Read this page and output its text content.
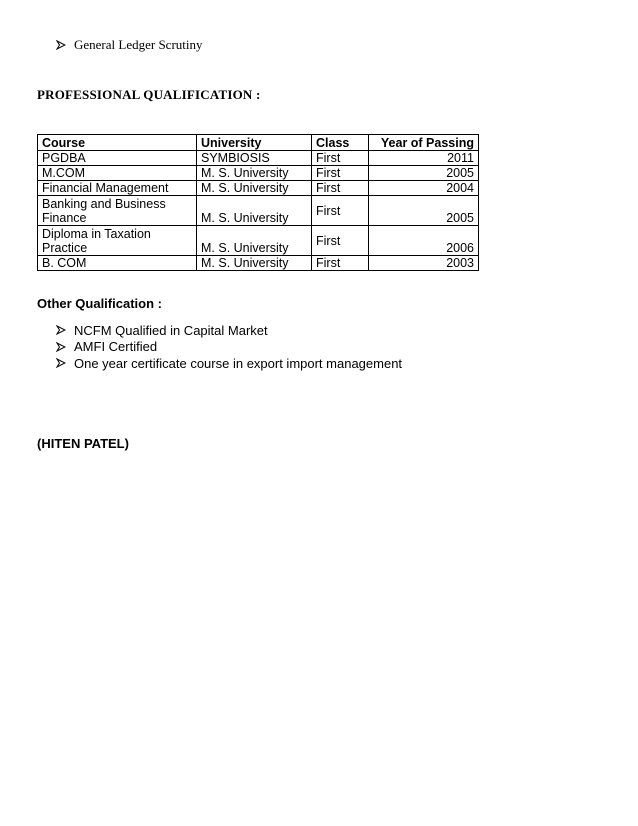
General Ledger Scrutiny
PROFESSIONAL QUALIFICATION :
Course	University	Class	Year of Passing
PGDBA	SYMBIOSIS	First	2011
M.COM	M. S. University	First	2005
Financial Management	M. S. University	First	2004

Banking and Business
Finance	M. S. University	First	2005

Diploma in Taxation
Practice	M. S. University	First	2006
B. COM	M. S. University	First	2003
Other Qualification :
NCFM Qualified in Capital Market
AMFI Certified
One year certificate course in export import management
(HITEN PATEL)
